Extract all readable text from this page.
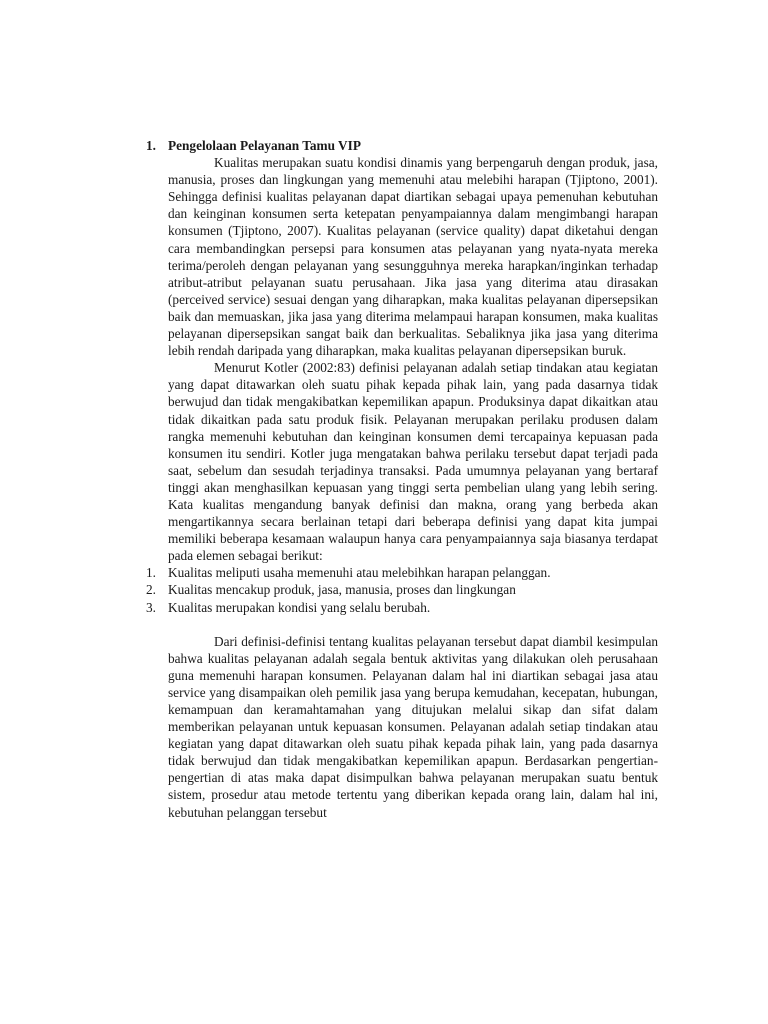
1. Pengelolaan Pelayanan Tamu VIP

Kualitas merupakan suatu kondisi dinamis yang berpengaruh dengan produk, jasa, manusia, proses dan lingkungan yang memenuhi atau melebihi harapan (Tjiptono, 2001). Sehingga definisi kualitas pelayanan dapat diartikan sebagai upaya pemenuhan kebutuhan dan keinginan konsumen serta ketepatan penyampaiannya dalam mengimbangi harapan konsumen (Tjiptono, 2007). Kualitas pelayanan (service quality) dapat diketahui dengan cara membandingkan persepsi para konsumen atas pelayanan yang nyata-nyata mereka terima/peroleh dengan pelayanan yang sesungguhnya mereka harapkan/inginkan terhadap atribut-atribut pelayanan suatu perusahaan. Jika jasa yang diterima atau dirasakan (perceived service) sesuai dengan yang diharapkan, maka kualitas pelayanan dipersepsikan baik dan memuaskan, jika jasa yang diterima melampaui harapan konsumen, maka kualitas pelayanan dipersepsikan sangat baik dan berkualitas. Sebaliknya jika jasa yang diterima lebih rendah daripada yang diharapkan, maka kualitas pelayanan dipersepsikan buruk.

Menurut Kotler (2002:83) definisi pelayanan adalah setiap tindakan atau kegiatan yang dapat ditawarkan oleh suatu pihak kepada pihak lain, yang pada dasarnya tidak berwujud dan tidak mengakibatkan kepemilikan apapun. Produksinya dapat dikaitkan atau tidak dikaitkan pada satu produk fisik. Pelayanan merupakan perilaku produsen dalam rangka memenuhi kebutuhan dan keinginan konsumen demi tercapainya kepuasan pada konsumen itu sendiri. Kotler juga mengatakan bahwa perilaku tersebut dapat terjadi pada saat, sebelum dan sesudah terjadinya transaksi. Pada umumnya pelayanan yang bertaraf tinggi akan menghasilkan kepuasan yang tinggi serta pembelian ulang yang lebih sering. Kata kualitas mengandung banyak definisi dan makna, orang yang berbeda akan mengartikannya secara berlainan tetapi dari beberapa definisi yang dapat kita jumpai memiliki beberapa kesamaan walaupun hanya cara penyampaiannya saja biasanya terdapat pada elemen sebagai berikut:

1. Kualitas meliputi usaha memenuhi atau melebihkan harapan pelanggan.
2. Kualitas mencakup produk, jasa, manusia, proses dan lingkungan
3. Kualitas merupakan kondisi yang selalu berubah.

Dari definisi-definisi tentang kualitas pelayanan tersebut dapat diambil kesimpulan bahwa kualitas pelayanan adalah segala bentuk aktivitas yang dilakukan oleh perusahaan guna memenuhi harapan konsumen. Pelayanan dalam hal ini diartikan sebagai jasa atau service yang disampaikan oleh pemilik jasa yang berupa kemudahan, kecepatan, hubungan, kemampuan dan keramahtamahan yang ditujukan melalui sikap dan sifat dalam memberikan pelayanan untuk kepuasan konsumen. Pelayanan adalah setiap tindakan atau kegiatan yang dapat ditawarkan oleh suatu pihak kepada pihak lain, yang pada dasarnya tidak berwujud dan tidak mengakibatkan kepemilikan apapun. Berdasarkan pengertian-pengertian di atas maka dapat disimpulkan bahwa pelayanan merupakan suatu bentuk sistem, prosedur atau metode tertentu yang diberikan kepada orang lain, dalam hal ini, kebutuhan pelanggan tersebut
